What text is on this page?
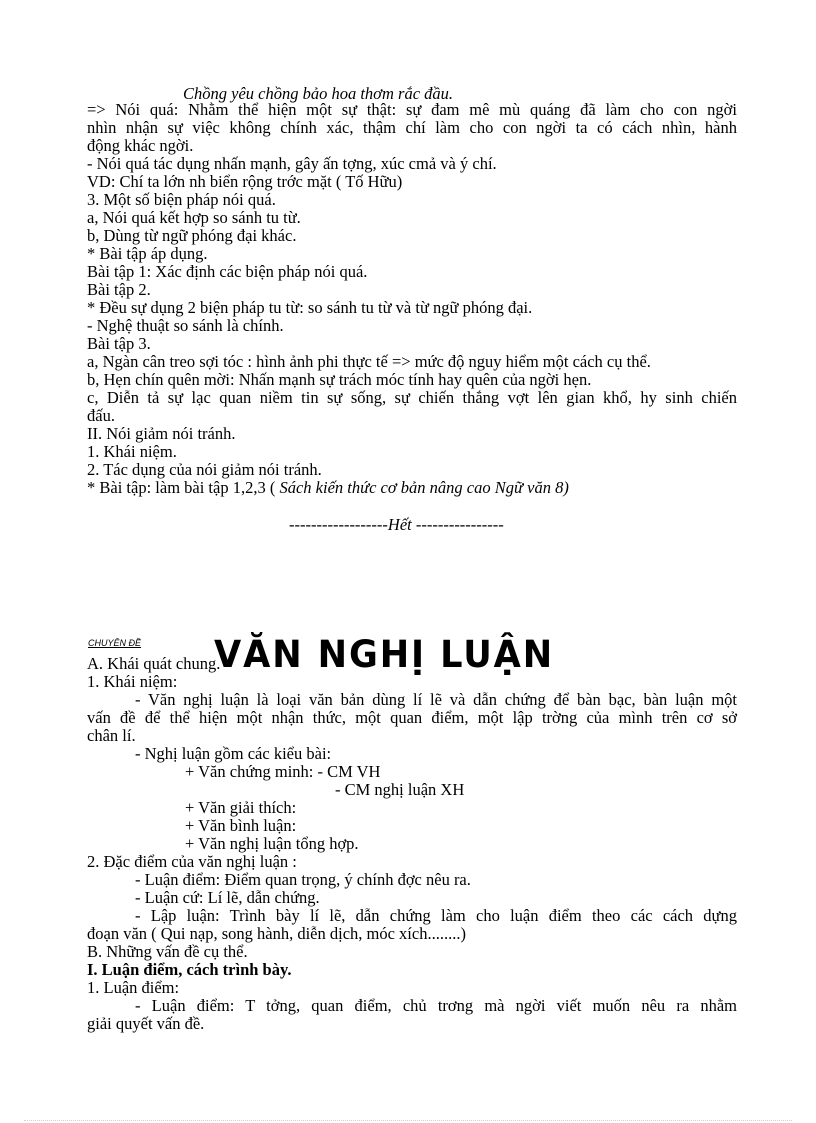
Chồng yêu chồng bảo hoa thơm rắc đầu.
=> Nói quá: Nhằm thể hiện một sự thật: sự đam mê mù quáng đã làm cho con ngời
nhìn nhận sự việc không chính xác, thậm chí làm cho con ngời ta có cách nhìn, hành
động khác ngời.
- Nói quá tác dụng nhấn mạnh, gây ấn tợng, xúc cmả và ý chí.
VD: Chí ta lớn nh biển rộng trớc mặt ( Tố Hữu)
3. Một số biện pháp nói quá.
a, Nói quá kết hợp so sánh tu từ.
b, Dùng từ ngữ phóng đại khác.
* Bài tập áp dụng.
Bài tập 1: Xác định các biện pháp nói quá.
Bài tập 2.
* Đều sự dụng 2 biện pháp tu từ: so sánh tu từ và từ ngữ phóng đại.
- Nghệ thuật so sánh là chính.
Bài tập 3.
a, Ngàn cân treo sợi tóc : hình ảnh phi thực tế => mức độ nguy hiểm một cách cụ thể.
b, Hẹn chín quên mời: Nhấn mạnh sự trách móc tính hay quên của ngời hẹn.
c, Diễn tả sự lạc quan niềm tin sự sống, sự chiến thắng vợt lên gian khổ, hy sinh chiến
đấu.
II. Nói giảm nói tránh.
1. Khái niệm.
2. Tác dụng của nói giảm nói tránh.
* Bài tập: làm bài tập 1,2,3 ( Sách kiến thức cơ bản nâng cao Ngữ văn 8)
------------------Hết ----------------
CHUYÊN ĐỀ VĂN NGHỊ LUẬN
A. Khái quát chung.
1. Khái niệm:
- Văn nghị luận là loại văn bản dùng lí lẽ và dẫn chứng để bàn bạc, bàn luận một
vấn đề để thể hiện một nhận thức, một quan điểm, một lập trờng của mình trên cơ sở
chân lí.
- Nghị luận gồm các kiểu bài:
+ Văn chứng minh: - CM VH
- CM nghị luận XH
+ Văn giải thích:
+ Văn bình luận:
+ Văn nghị luận tổng hợp.
2. Đặc điểm của văn nghị luận :
- Luận điểm: Điểm quan trọng, ý chính đợc nêu ra.
- Luận cứ: Lí lẽ, dẫn chứng.
- Lập luận: Trình bày lí lẽ, dẫn chứng làm cho luận điểm theo các cách dựng
đoạn văn ( Qui nạp, song hành, diễn dịch, móc xích........)
B. Những vấn đề cụ thể.
I. Luận điểm, cách trình bày.
1. Luận điểm:
- Luận điểm: T tởng, quan điểm, chủ trơng mà ngời viết muốn nêu ra nhằm
giải quyết vấn đề.
